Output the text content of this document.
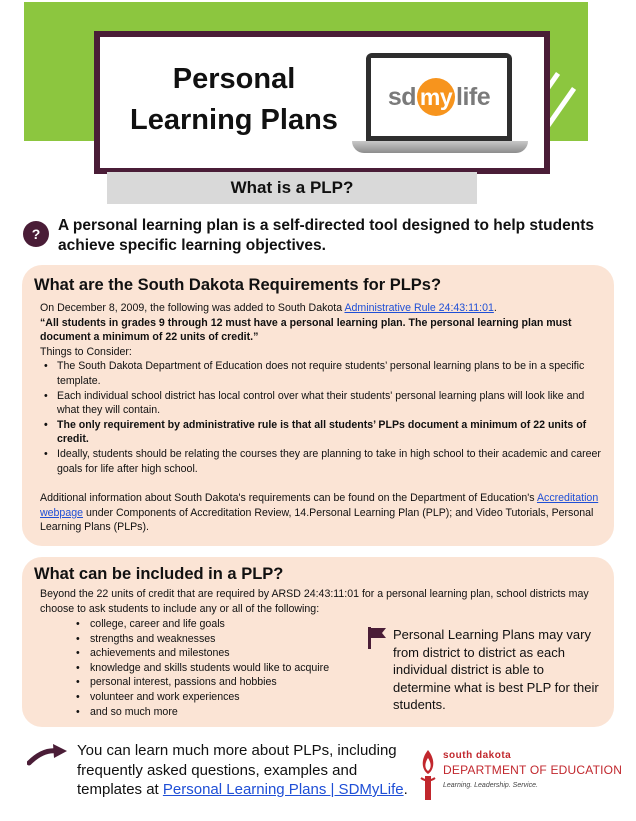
Personal
Learning Plans
sd my life
What is a PLP?
?	A personal learning plan is a self-directed tool designed to help students achieve specific learning objectives.
What are the South Dakota Requirements for PLPs?
On December 8, 2009, the following was added to South Dakota Administrative Rule 24:43:11:01.
“All students in grades 9 through 12 must have a personal learning plan. The personal learning plan must document a minimum of 22 units of credit.”
Things to Consider:
• The South Dakota Department of Education does not require students’ personal learning plans to be in a specific template.
• Each individual school district has local control over what their students' personal learning plans will look like and what they will contain.
• The only requirement by administrative rule is that all students’ PLPs document a minimum of 22 units of credit.
• Ideally, students should be relating the courses they are planning to take in high school to their academic and career goals for life after high school.
Additional information about South Dakota's requirements can be found on the Department of Education's Accreditation webpage under Components of Accreditation Review, 14.Personal Learning Plan (PLP); and Video Tutorials, Personal Learning Plans (PLPs).
What can be included in a PLP?
Beyond the 22 units of credit that are required by ARSD 24:43:11:01 for a personal learning plan, school districts may choose to ask students to include any or all of the following:
• college, career and life goals
• strengths and weaknesses
• achievements and milestones
• knowledge and skills students would like to acquire
• personal interest, passions and hobbies
• volunteer and work experiences
• and so much more
Personal Learning Plans may vary from district to district as each individual district is able to determine what is best PLP for their students.
You can learn much more about PLPs, including frequently asked questions, examples and templates at Personal Learning Plans | SDMyLife.
south dakota
DEPARTMENT OF EDUCATION
Learning. Leadership. Service.
